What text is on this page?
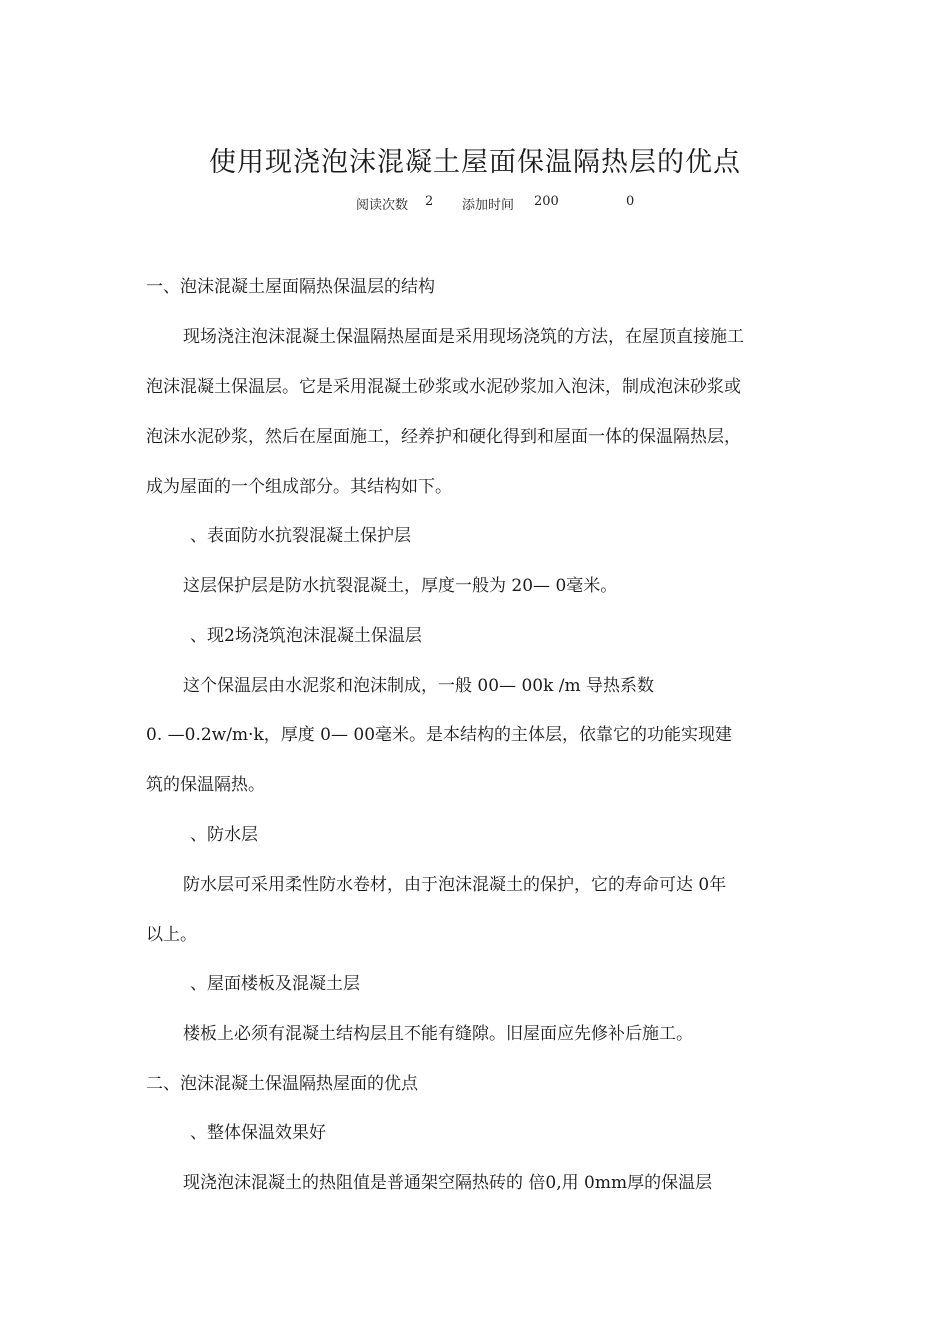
使用现浇泡沫混凝土屋面保温隔热层的优点
阅读次数 2 添加时间 200	0
一、泡沫混凝土屋面隔热保温层的结构
现场浇注泡沫混凝土保温隔热屋面是采用现场浇筑的方法，在屋顶直接施工
泡沫混凝土保温层。它是采用混凝土砂浆或水泥砂浆加入泡沫，制成泡沫砂浆或
泡沫水泥砂浆，然后在屋面施工，经养护和硬化得到和屋面一体的保温隔热层，
成为屋面的一个组成部分。其结构如下。
、表面防水抗裂混凝土保护层
这层保护层是防水抗裂混凝土，厚度一般为 20— 0毫米。
、现2场浇筑泡沫混凝土保温层
这个保温层由水泥浆和泡沫制成，一般 00— 00k /m 导热系数
0. —0.2w/m·k，厚度 0— 00毫米。是本结构的主体层，依靠它的功能实现建
筑的保温隔热。
、防水层
防水层可采用柔性防水卷材，由于泡沫混凝土的保护，它的寿命可达 0年
以上。
、屋面楼板及混凝土层
楼板上必须有混凝土结构层且不能有缝隙。旧屋面应先修补后施工。
二、泡沫混凝土保温隔热屋面的优点
、整体保温效果好
现浇泡沫混凝土的热阻值是普通架空隔热砖的 倍0,用 0mm厚的保温层
